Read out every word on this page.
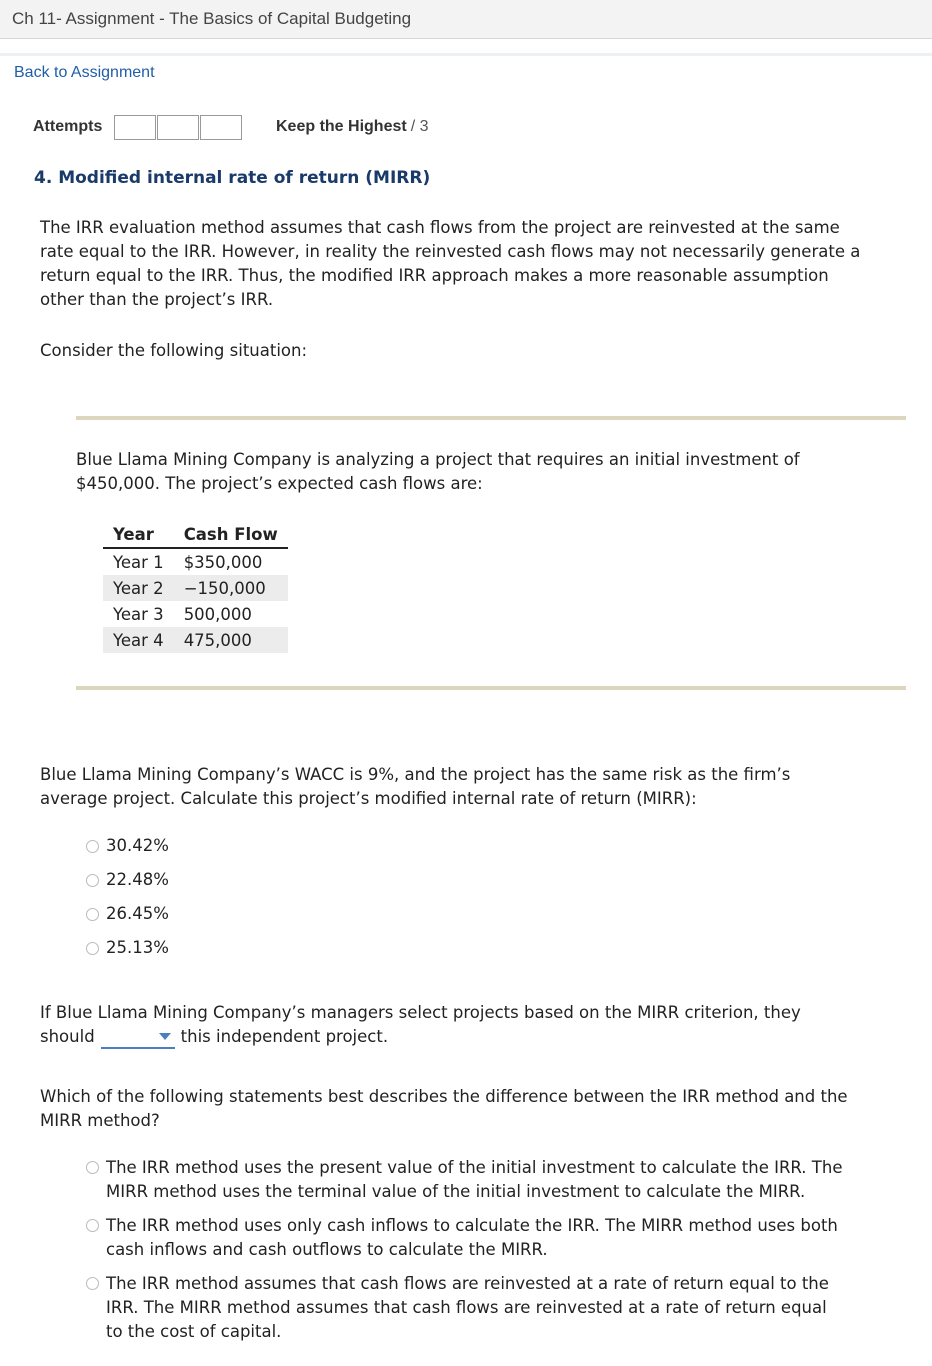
Ch 11- Assignment - The Basics of Capital Budgeting
Back to Assignment
Attempts	Keep the Highest / 3
4. Modified internal rate of return (MIRR)
The IRR evaluation method assumes that cash flows from the project are reinvested at the same
rate equal to the IRR. However, in reality the reinvested cash flows may not necessarily generate a
return equal to the IRR. Thus, the modified IRR approach makes a more reasonable assumption
other than the project’s IRR.
Consider the following situation:
Blue Llama Mining Company is analyzing a project that requires an initial investment of
$450,000. The project’s expected cash flows are:
Year	Cash Flow
Year 1	$350,000
Year 2	−150,000
Year 3	500,000
Year 4	475,000
Blue Llama Mining Company’s WACC is 9%, and the project has the same risk as the firm’s
average project. Calculate this project’s modified internal rate of return (MIRR):
30.42%
22.48%
26.45%
25.13%
If Blue Llama Mining Company’s managers select projects based on the MIRR criterion, they
should	this independent project.
Which of the following statements best describes the difference between the IRR method and the
MIRR method?
The IRR method uses the present value of the initial investment to calculate the IRR. The
MIRR method uses the terminal value of the initial investment to calculate the MIRR.
The IRR method uses only cash inflows to calculate the IRR. The MIRR method uses both
cash inflows and cash outflows to calculate the MIRR.
The IRR method assumes that cash flows are reinvested at a rate of return equal to the
IRR. The MIRR method assumes that cash flows are reinvested at a rate of return equal
to the cost of capital.
